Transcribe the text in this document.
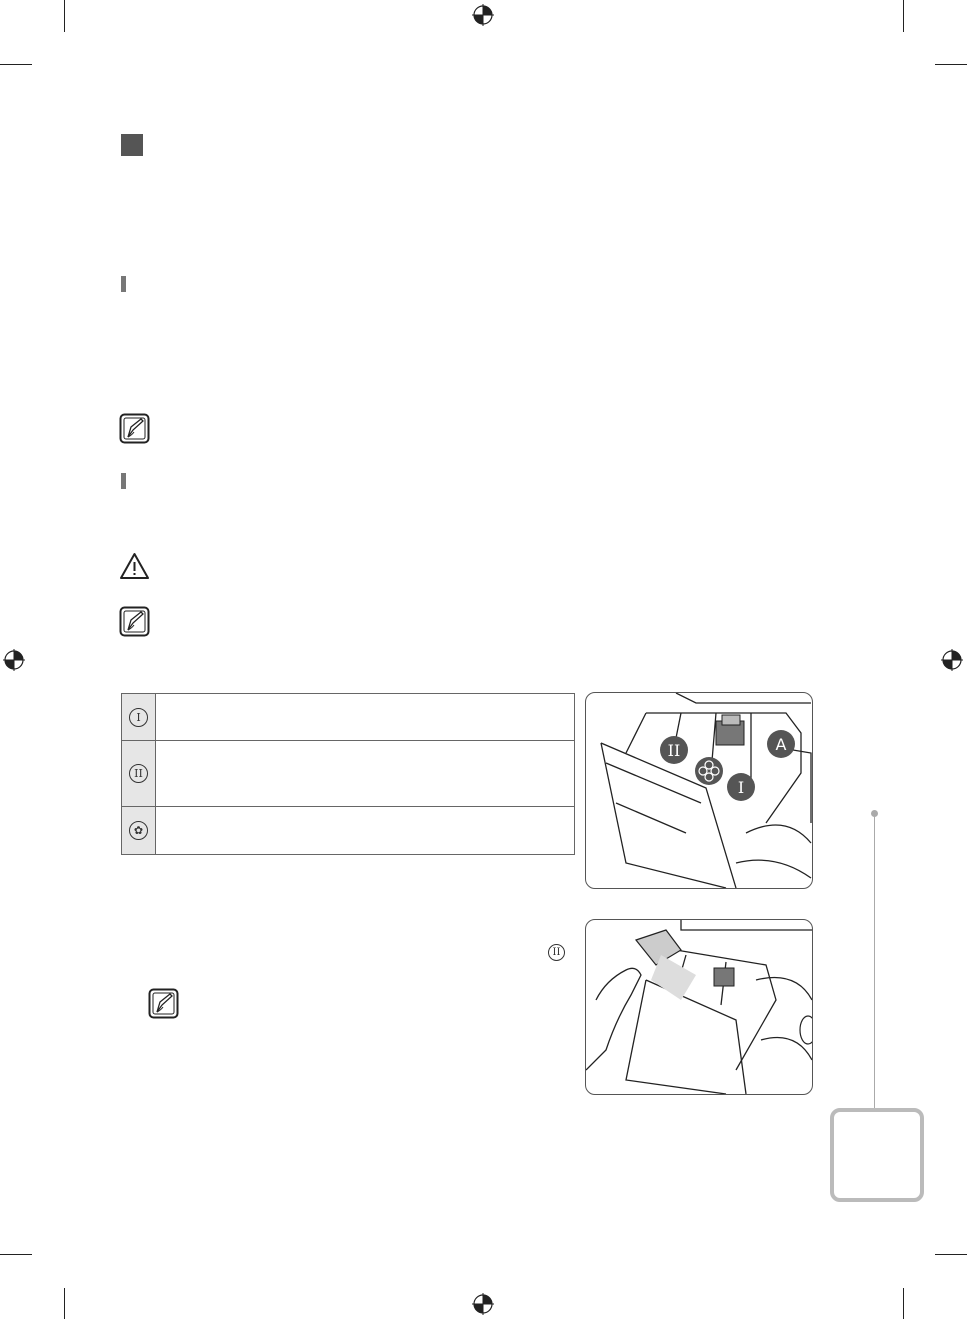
I	
II	
✿	
II	A
I
II
